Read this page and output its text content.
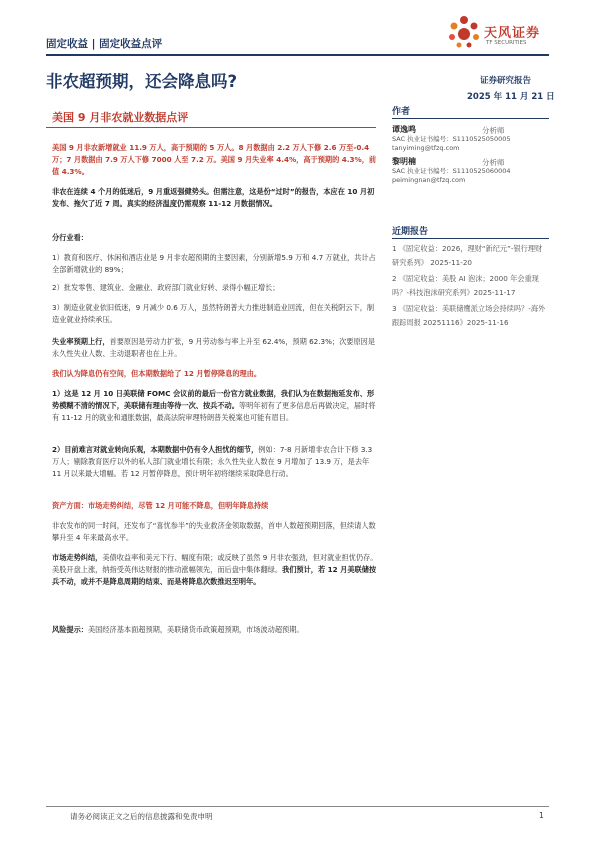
天风证券
TF SECURITIES
固定收益 | 固定收益点评
非农超预期，还会降息吗?	证券研究报告
2025 年 11 月 21 日
美国 9 月非农就业数据点评
美国 9 月非农新增就业 11.9 万人，高于预期的 5 万人。8 月数据由 2.2 万人下修 2.6 万至-0.4 万；7 月数据由 7.9 万人下修 7000 人至 7.2 万。美国 9 月失业率 4.4%，高于预期的 4.3%，前值 4.3%。
非农在连续 4 个月的低迷后，9 月重返强健势头。但需注意，这是份“过时”的报告，本应在 10 月初发布、拖欠了近 7 周。真实的经济温度仍需观察 11-12 月数据情况。
分行业看：
1）教育和医疗、休闲和酒店业是 9 月非农超预期的主要因素，分别新增5.9 万和 4.7 万就业，共计占全部新增就业的 89%；
2）批发零售、建筑业、金融业、政府部门就业好转、录得小幅正增长；
3）制造业就业依旧低迷，9 月减少 0.6 万人，虽然特朗普大力推进制造业回流，但在关税阴云下，制造业就业持续承压。
失业率预期上行，首要原因是劳动力扩张，9 月劳动参与率上升至 62.4%，预期 62.3%；次要原因是永久性失业人数、主动退职者也在上升。
我们认为降息仍有空间，但本期数据给了 12 月暂停降息的理由。
1）这是 12 月 10 日美联储 FOMC 会议前的最后一份官方就业数据，我们认为在数据拖延发布、形势模糊不清的情况下，美联储有理由等待一次、按兵不动。等明年初有了更多信息后再做决定，届时将有 11-12 月的就业和通胀数据，最高法院审理特朗普关税案也可能有眉目。
2）目前难言对就业转向乐观，本期数据中仍有令人担忧的细节，例如：7-8 月新增非农合计下修 3.3 万人；剔除教育医疗以外的私人部门就业增长有限；永久性失业人数在 9 月增加了 13.9 万，是去年 11 月以来最大增幅。若 12 月暂停降息，预计明年初将继续采取降息行动。
资产方面：市场走势纠结，尽管 12 月可能不降息，但明年降息持续
非农发布的同一时间，还发布了“喜忧参半”的失业救济金领取数据，首申人数超预期回落，但续请人数攀升至 4 年来最高水平。
市场走势纠结，美债收益率和美元下行、幅度有限；或反映了虽然 9 月非农强劲，但对就业担忧仍存。美股开盘上涨，纳指受英伟达财报的推动涨幅领先，而后盘中集体翻绿。我们预计，若 12 月美联储按兵不动，或并不是降息周期的结束、而是将降息次数推迟至明年。
风险提示：美国经济基本面超预期，美联储货币政策超预期，市场波动超预期。
作者
谭逸鸣	分析师
SAC 执业证书编号：S1110525050005
tanyiming@tfzq.com
黎明楠	分析师
SAC 执业证书编号：S1110525060004
peimingnan@tfzq.com
近期报告
1 《固定收益：2026，理财“新纪元”-银行理财研究系列》 2025-11-20
2 《固定收益：美股 AI 泡沫；2000 年会重现吗？-科技泡沫研究系列》2025-11-17
3 《固定收益：美联储鹰派立场会持续吗？-海外跟踪周报 20251116》2025-11-16
请务必阅读正文之后的信息披露和免责申明	1
